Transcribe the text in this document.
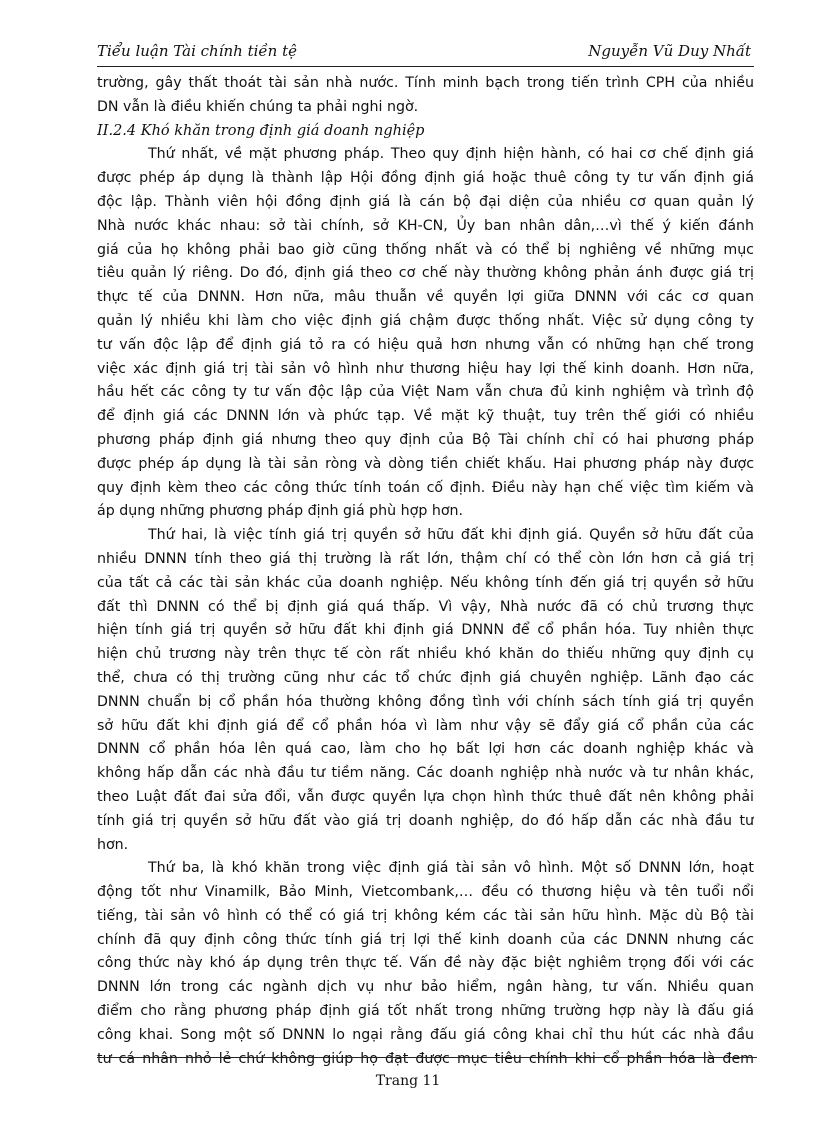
Tiểu luận Tài chính tiền tệ	Nguyễn Vũ Duy Nhất
trường, gây thất thoát tài sản nhà nước. Tính minh bạch trong tiến trình CPH của nhiều
DN vẫn là điều khiến chúng ta phải nghi ngờ.
II.2.4 Khó khăn trong định giá doanh nghiệp
Thứ nhất, về mặt phương pháp. Theo quy định hiện hành, có hai cơ chế định giá
được phép áp dụng là thành lập Hội đồng định giá hoặc thuê công ty tư vấn định giá
độc lập. Thành viên hội đồng định giá là cán bộ đại diện của nhiều cơ quan quản lý
Nhà nước khác nhau: sở tài chính, sở KH-CN, Ủy ban nhân dân,…vì thế ý kiến đánh
giá của họ không phải bao giờ cũng thống nhất và có thể bị nghiêng về những mục
tiêu quản lý riêng. Do đó, định giá theo cơ chế này thường không phản ánh được giá trị
thực tế của DNNN. Hơn nữa, mâu thuẫn về quyền lợi giữa DNNN với các cơ quan
quản lý nhiều khi làm cho việc định giá chậm được thống nhất. Việc sử dụng công ty
tư vấn độc lập để định giá tỏ ra có hiệu quả hơn nhưng vẫn có những hạn chế trong
việc xác định giá trị tài sản vô hình như thương hiệu hay lợi thế kinh doanh. Hơn nữa,
hầu hết các công ty tư vấn độc lập của Việt Nam vẫn chưa đủ kinh nghiệm và trình độ
để định giá các DNNN lớn và phức tạp. Về mặt kỹ thuật, tuy trên thế giới có nhiều
phương pháp định giá nhưng theo quy định của Bộ Tài chính chỉ có hai phương pháp
được phép áp dụng là tài sản ròng và dòng tiền chiết khấu. Hai phương pháp này được
quy định kèm theo các công thức tính toán cố định. Điều này hạn chế việc tìm kiếm và
áp dụng những phương pháp định giá phù hợp hơn.
Thứ hai, là việc tính giá trị quyền sở hữu đất khi định giá. Quyền sở hữu đất của
nhiều DNNN tính theo giá thị trường là rất lớn, thậm chí có thể còn lớn hơn cả giá trị
của tất cả các tài sản khác của doanh nghiệp. Nếu không tính đến giá trị quyền sở hữu
đất thì DNNN có thể bị định giá quá thấp. Vì vậy, Nhà nước đã có chủ trương thực
hiện tính giá trị quyền sở hữu đất khi định giá DNNN để cổ phần hóa. Tuy nhiên thực
hiện chủ trương này trên thực tế còn rất nhiều khó khăn do thiếu những quy định cụ
thể, chưa có thị trường cũng như các tổ chức định giá chuyên nghiệp. Lãnh đạo các
DNNN chuẩn bị cổ phần hóa thường không đồng tình với chính sách tính giá trị quyền
sở hữu đất khi định giá để cổ phần hóa vì làm như vậy sẽ đẩy giá cổ phần của các
DNNN cổ phần hóa lên quá cao, làm cho họ bất lợi hơn các doanh nghiệp khác và
không hấp dẫn các nhà đầu tư tiềm năng. Các doanh nghiệp nhà nước và tư nhân khác,
theo Luật đất đai sửa đổi, vẫn được quyền lựa chọn hình thức thuê đất nên không phải
tính giá trị quyền sở hữu đất vào giá trị doanh nghiệp, do đó hấp dẫn các nhà đầu tư
hơn.
Thứ ba, là khó khăn trong việc định giá tài sản vô hình. Một số DNNN lớn, hoạt
động tốt như Vinamilk, Bảo Minh, Vietcombank,… đều có thương hiệu và tên tuổi nổi
tiếng, tài sản vô hình có thể có giá trị không kém các tài sản hữu hình. Mặc dù Bộ tài
chính đã quy định công thức tính giá trị lợi thế kinh doanh của các DNNN nhưng các
công thức này khó áp dụng trên thực tế. Vấn đề này đặc biệt nghiêm trọng đối với các
DNNN lớn trong các ngành dịch vụ như bảo hiểm, ngân hàng, tư vấn. Nhiều quan
điểm cho rằng phương pháp định giá tốt nhất trong những trường hợp này là đấu giá
công khai. Song một số DNNN lo ngại rằng đấu giá công khai chỉ thu hút các nhà đầu
tư cá nhân nhỏ lẻ chứ không giúp họ đạt được mục tiêu chính khi cổ phần hóa là đem
Trang 11
